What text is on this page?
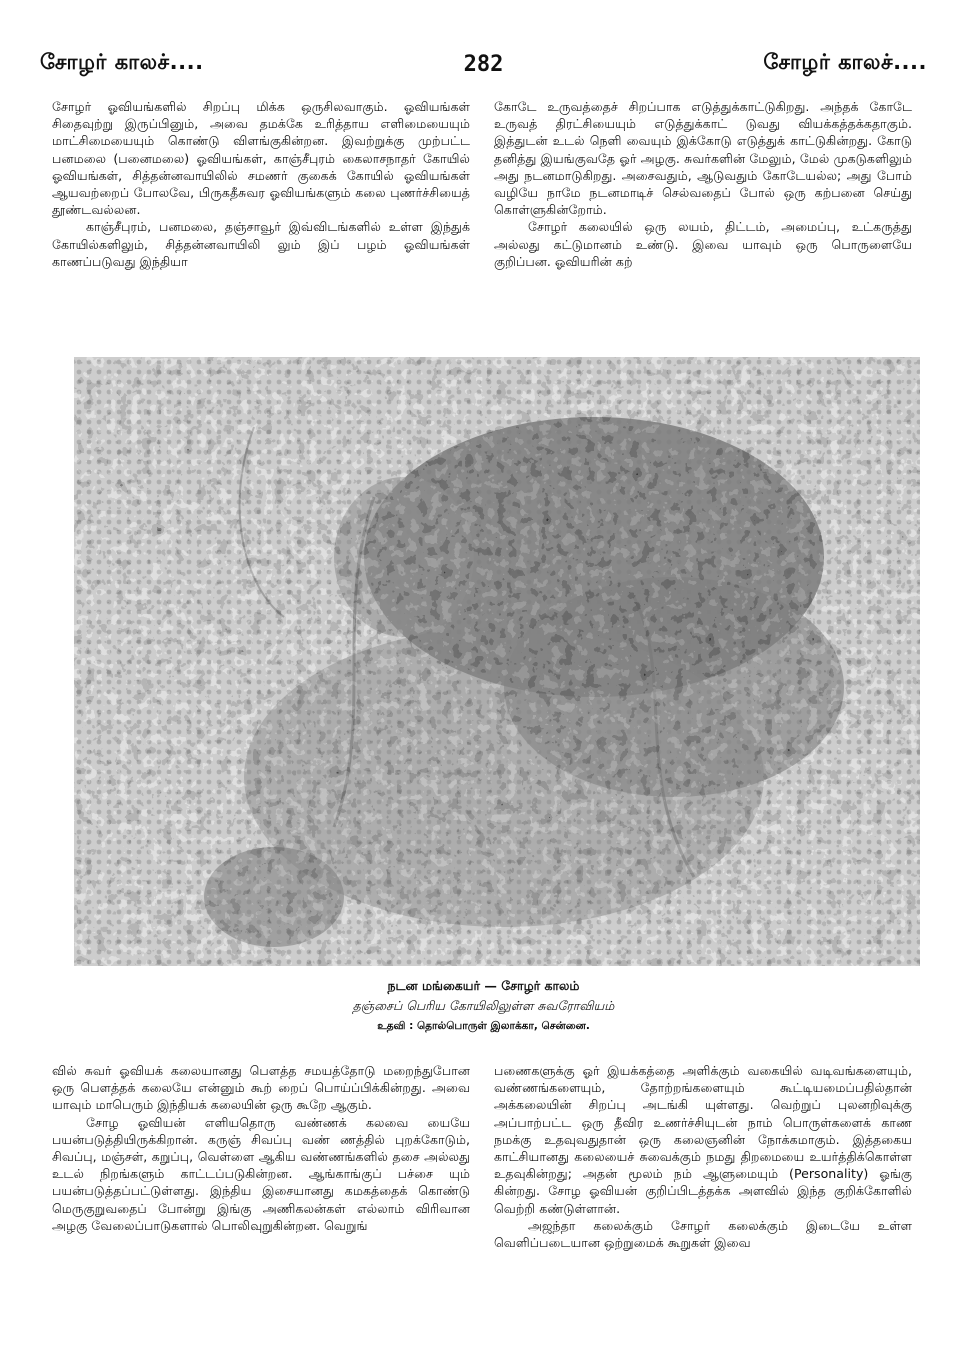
சோழர் காலச்....	282	சோழர் காலச்....

சோழர் ஓவியங்களில் சிறப்பு மிக்க ஒருசிலவாகும். ஓவியங்கள் சிதைவுற்று இருப்பினும், அவை தமக்கே உரித்தாய எளிமையையும் மாட்சிமையையும் கொண்டு விளங்குகின்றன. இவற்றுக்கு முற்பட்ட பனமலை (பனைமலை) ஓவியங்கள், காஞ்சீபுரம் கைலாசநாதர் கோயில் ஓவியங்கள், சித்தன்னவாயிலில் சமணர் குகைக் கோயில் ஓவியங்கள் ஆயவற்றைப் போலவே, பிருகதீசுவர ஓவியங்களும் கலை புணர்ச்சியைத் தூண்டவல்லன.

காஞ்சீபுரம், பனமலை, தஞ்சாவூர் இவ்விடங்களில் உள்ள இந்துக் கோயில்களிலும், சித்தன்னவாயிலி லும் இப் பழம் ஓவியங்கள் காணப்படுவது இந்தியா

கோடே உருவத்தைச் சிறப்பாக எடுத்துக்காட்டுகிறது. அந்தக் கோடே உருவத் திரட்சியையும் எடுத்துக்காட் டுவது வியக்கத்தக்கதாகும். இத்துடன் உடல் நெளி வையும் இக்கோடு எடுத்துக் காட்டுகின்றது. கோடு தனித்து இயங்குவதே ஓர் அழகு. சுவர்களின் மேலும், மேல் முகடுகளிலும் அது நடனமாடுகிறது. அசைவதும், ஆடுவதும் கோடேயல்ல; அது போம் வழியே நாமே நடனமாடிச் செல்வதைப் போல் ஒரு கற்பனை செய்து கொள்ளுகின்றோம்.

சோழர் கலையில் ஒரு லயம், திட்டம், அமைப்பு, உட்கருத்து அல்லது கட்டுமானம் உண்டு. இவை யாவும் ஒரு பொருளையே குறிப்பன. ஓவியரின் கற்

நடன மங்கையர் — சோழர் காலம்
தஞ்சைப் பெரிய கோயிலிலுள்ள சுவரோவியம்
உதவி : தொல்பொருள் இலாக்கா, சென்னை.

வில் சுவர் ஓவியக் கலையானது பௌத்த சமயத்தோடு மறைந்துபோன ஒரு பௌத்தக் கலையே என்னும் கூற் றைப் பொய்ப்பிக்கின்றது. அவை யாவும் மாபெரும் இந்தியக் கலையின் ஒரு கூறே ஆகும்.

சோழ ஓவியன் எளியதொரு வண்ணக் கலவை யையே பயன்படுத்தியிருக்கிறான். கருஞ் சிவப்பு வண் ணத்தில் புறக்கோடும், சிவப்பு, மஞ்சள், கறுப்பு, வெள்ளை ஆகிய வண்ணங்களில் தசை அல்லது உடல் நிறங்களும் காட்டப்படுகின்றன. ஆங்காங்குப் பச்சை யும் பயன்படுத்தப்பட்டுள்ளது. இந்திய இசையானது கமகத்தைக் கொண்டு மெருகுறுவதைப் போன்று இங்கு அணிகலன்கள் எல்லாம் விரிவான அழகு வேலைப்பாடுகளால் பொலிவுறுகின்றன. வெறுங்

பணைகளுக்கு ஓர் இயக்கத்தை அளிக்கும் வகையில் வடிவங்களையும், வண்ணங்களையும், தோற்றங்களையும் கூட்டியமைப்பதில்தான் அக்கலையின் சிறப்பு அடங்கி யுள்ளது. வெற்றுப் புலனறிவுக்கு அப்பாற்பட்ட ஒரு தீவிர உணர்ச்சியுடன் நாம் பொருள்களைக் காண நமக்கு உதவுவதுதான் ஒரு கலைஞனின் நோக்கமாகும். இத்தகைய காட்சியானது கலையைச் சுவைக்கும் நமது திறமையை உயர்த்திக்கொள்ள உதவுகின்றது; அதன் மூலம் நம் ஆளுமையும் (Personality) ஓங்கு கின்றது. சோழ ஓவியன் குறிப்பிடத்தக்க அளவில் இந்த குறிக்கோளில் வெற்றி கண்டுள்ளான்.

அஜந்தா கலைக்கும் சோழர் கலைக்கும் இடையே உள்ள வெளிப்படையான ஒற்றுமைக் கூறுகள் இவை
